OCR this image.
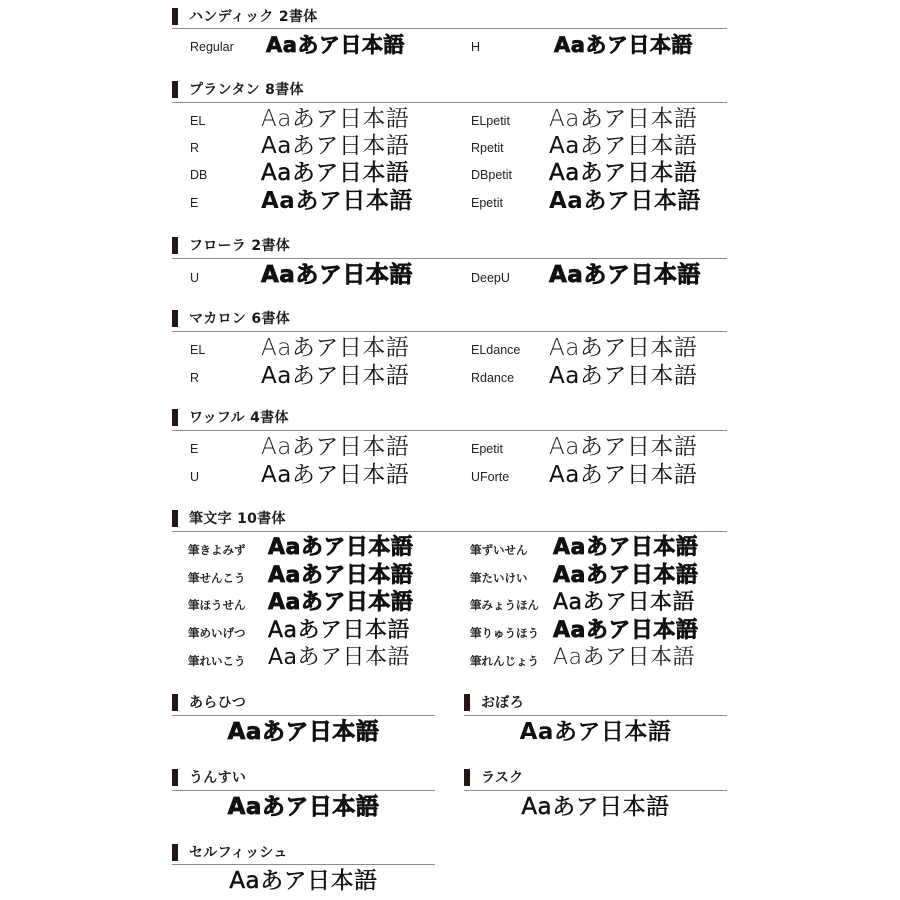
ハンディック 2書体
Regular Aaあア日本語	H	Aaあア日本語
プランタン 8書体
EL Aaあア日本語	ELpetit Aaあア日本語
R	Aaあア日本語	Rpetit Aaあア日本語
DB Aaあア日本語	DBpetit Aaあア日本語
E	Aaあア日本語	Epetit Aaあア日本語
フローラ 2書体
U	Aaあア日本語	DeepU Aaあア日本語
マカロン 6書体
EL Aaあア日本語	ELdance Aaあア日本語
R	Aaあア日本語	Rdance Aaあア日本語
ワッフル 4書体
E	Aaあア日本語	Epetit Aaあア日本語
U	Aaあア日本語	UForte Aaあア日本語
筆文字 10書体
筆きよみず Aaあア日本語	筆ずいせん Aaあア日本語
筆せんこう Aaあア日本語	筆たいけい Aaあア日本語
筆ほうせん Aaあア日本語	筆みょうほん Aaあア日本語
筆めいげつ Aaあア日本語	筆りゅうほう Aaあア日本語
筆れいこう Aaあア日本語	筆れんじょう Aaあア日本語
あらひつ
Aaあア日本語
おぼろ
Aaあア日本語
うんすい
Aaあア日本語
ラスク
Aaあア日本語
セルフィッシュ
Aaあア日本語
